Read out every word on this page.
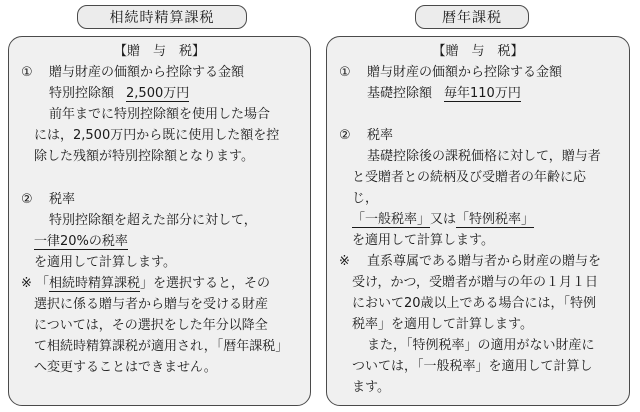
相続時精算課税	暦年課税
【贈　与　税】
① 贈与財産の価額から控除する金額
特別控除額 2,500万円
前年までに特別控除額を使用した場合
には，2,500万円から既に使用した額を控
除した残額が特別控除額となります。
② 税率
特別控除額を超えた部分に対して，
一律20%の税率
を適用して計算します。
※ 「相続時精算課税」を選択すると，その
選択に係る贈与者から贈与を受ける財産
については，その選択をした年分以降全
て相続時精算課税が適用され，「暦年課税」
へ変更することはできません。
【贈　与　税】
① 贈与財産の価額から控除する金額
基礎控除額 毎年110万円
② 税率
基礎控除後の課税価格に対して，贈与者
と受贈者との続柄及び受贈者の年齢に応
じ，
「一般税率」又は「特例税率」
を適用して計算します。
※ 直系尊属である贈与者から財産の贈与を
受け，かつ，受贈者が贈与の年の１月１日
において20歳以上である場合には，「特例
税率」を適用して計算します。
また，「特例税率」の適用がない財産に
ついては，「一般税率」を適用して計算し
ます。
